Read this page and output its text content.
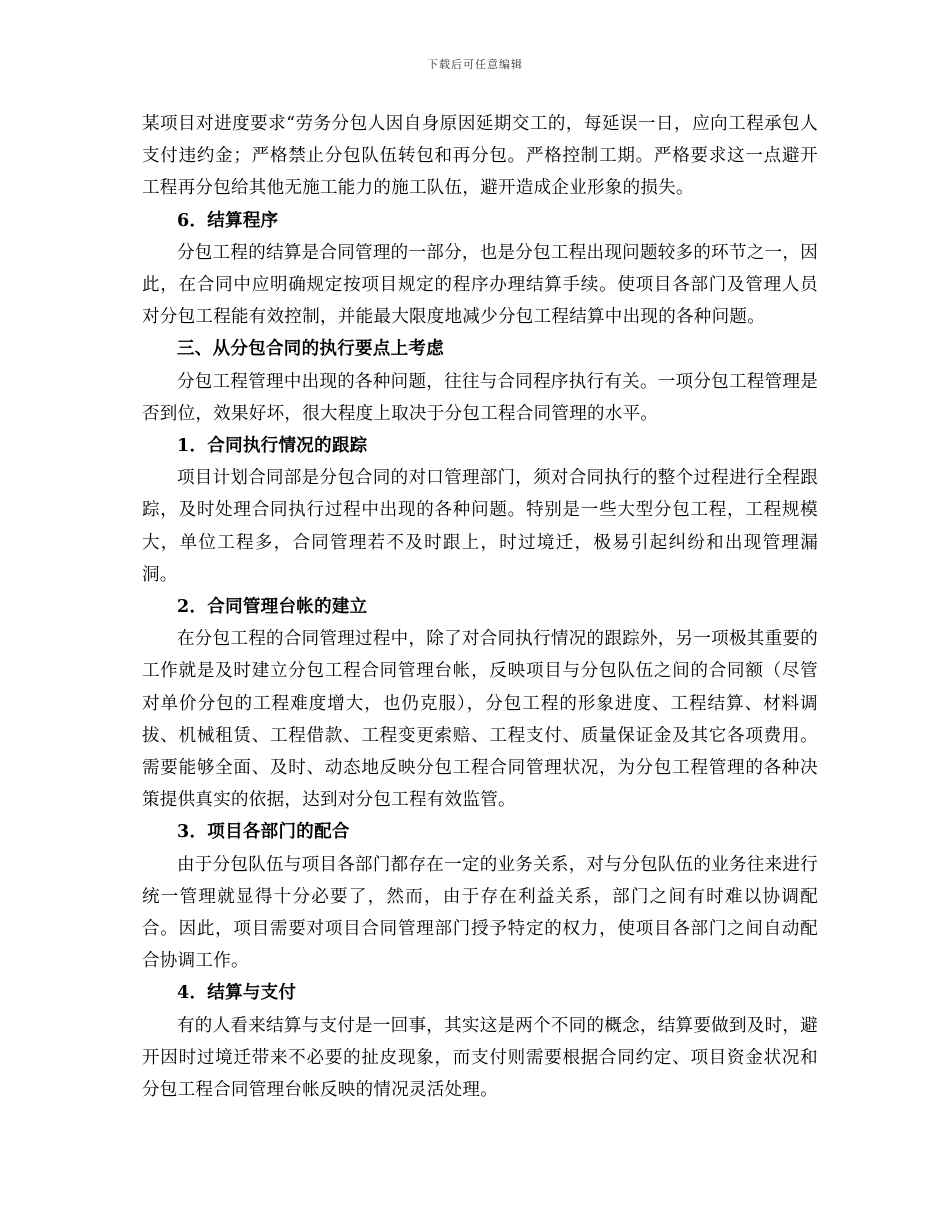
下载后可任意编辑

某项目对进度要求“劳务分包人因自身原因延期交工的，每延误一日，应向工程承包人支付违约金；严格禁止分包队伍转包和再分包。严格控制工期。严格要求这一点避开工程再分包给其他无施工能力的施工队伍，避开造成企业形象的损失。

6．结算程序

分包工程的结算是合同管理的一部分，也是分包工程出现问题较多的环节之一，因此，在合同中应明确规定按项目规定的程序办理结算手续。使项目各部门及管理人员对分包工程能有效控制，并能最大限度地减少分包工程结算中出现的各种问题。

三、从分包合同的执行要点上考虑

分包工程管理中出现的各种问题，往往与合同程序执行有关。一项分包工程管理是否到位，效果好坏，很大程度上取决于分包工程合同管理的水平。

1．合同执行情况的跟踪

项目计划合同部是分包合同的对口管理部门，须对合同执行的整个过程进行全程跟踪，及时处理合同执行过程中出现的各种问题。特别是一些大型分包工程，工程规模大，单位工程多，合同管理若不及时跟上，时过境迁，极易引起纠纷和出现管理漏洞。

2．合同管理台帐的建立

在分包工程的合同管理过程中，除了对合同执行情况的跟踪外，另一项极其重要的工作就是及时建立分包工程合同管理台帐，反映项目与分包队伍之间的合同额（尽管对单价分包的工程难度增大，也仍克服），分包工程的形象进度、工程结算、材料调拔、机械租赁、工程借款、工程变更索赔、工程支付、质量保证金及其它各项费用。需要能够全面、及时、动态地反映分包工程合同管理状况，为分包工程管理的各种决策提供真实的依据，达到对分包工程有效监管。

3．项目各部门的配合

由于分包队伍与项目各部门都存在一定的业务关系，对与分包队伍的业务往来进行统一管理就显得十分必要了，然而，由于存在利益关系，部门之间有时难以协调配合。因此，项目需要对项目合同管理部门授予特定的权力，使项目各部门之间自动配合协调工作。

4．结算与支付

有的人看来结算与支付是一回事，其实这是两个不同的概念，结算要做到及时，避开因时过境迁带来不必要的扯皮现象，而支付则需要根据合同约定、项目资金状况和分包工程合同管理台帐反映的情况灵活处理。
